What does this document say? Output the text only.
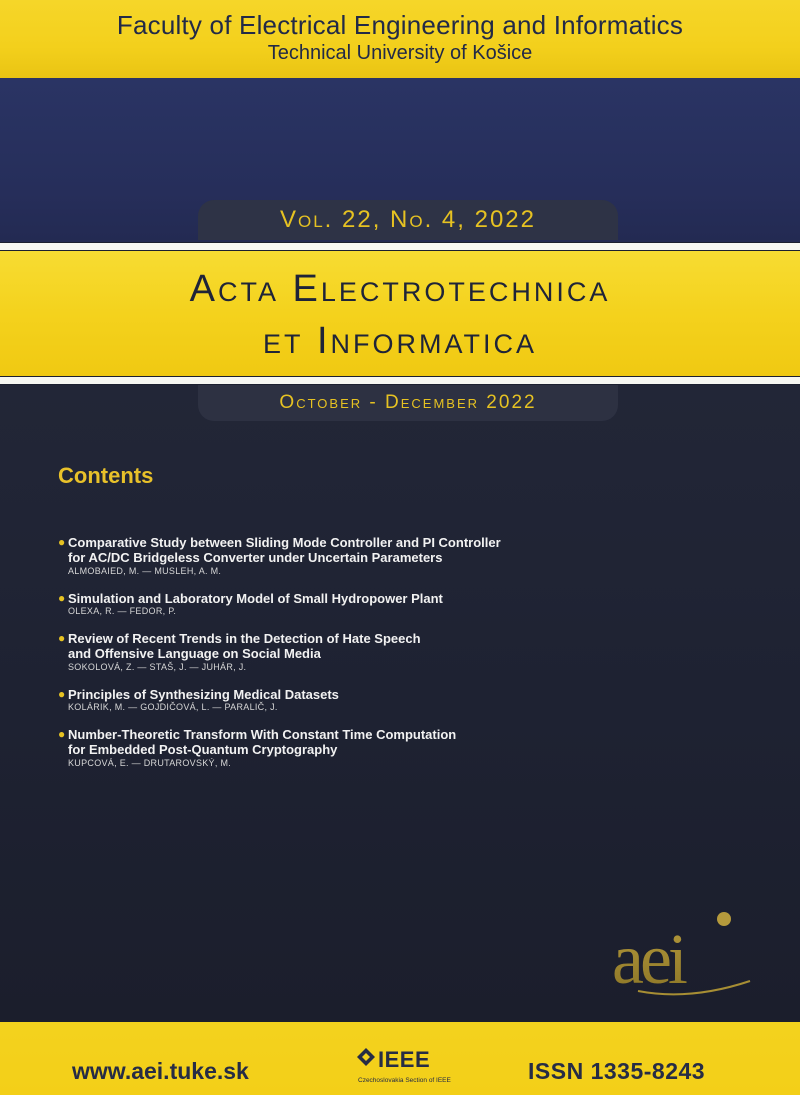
Faculty of Electrical Engineering and Informatics
Technical University of Košice
Vol. 22, No. 4, 2022
Acta Electrotechnica
et Informatica
October - December 2022
Contents
● Comparative Study between Sliding Mode Controller and PI Controller
for AC/DC Bridgeless Converter under Uncertain Parameters
ALMOBAIED, M. — MUSLEH, A. M.
● Simulation and Laboratory Model of Small Hydropower Plant
OLEXA, R. — FEDOR, P.
● Review of Recent Trends in the Detection of Hate Speech
and Offensive Language on Social Media
SOKOLOVÁ, Z. — STAŠ, J. — JUHÁR, J.
● Principles of Synthesizing Medical Datasets
KOLÁRIK, M. — GOJDIČOVÁ, L. — PARALIČ, J.
● Number-Theoretic Transform With Constant Time Computation
for Embedded Post-Quantum Cryptography
KUPCOVÁ, E. — DRUTAROVSKÝ, M.
aei
www.aei.tuke.sk	IEEE
Czechoslovakia Section of IEEE	ISSN 1335-8243
